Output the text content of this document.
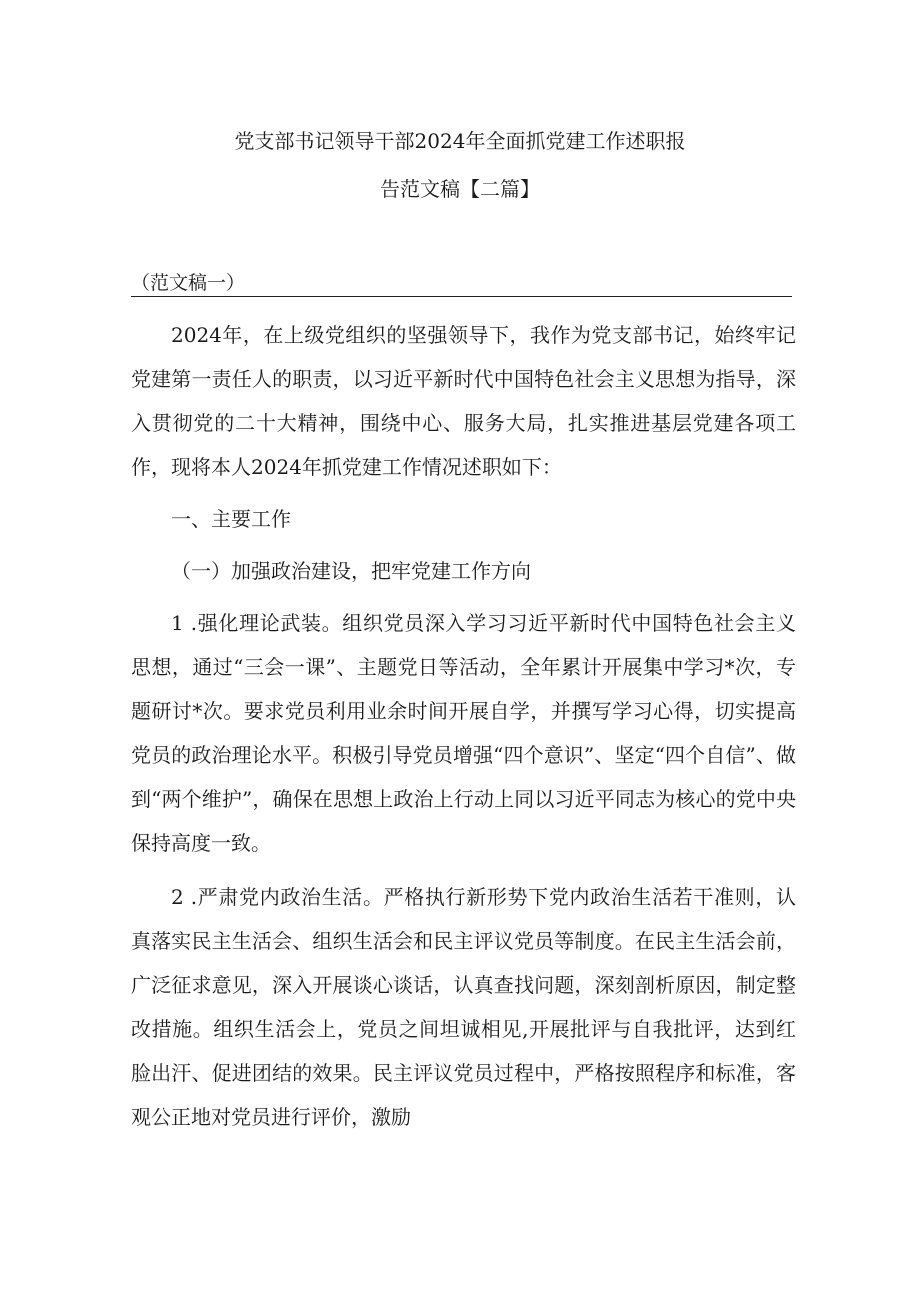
党支部书记领导干部2024年全面抓党建工作述职报
告范文稿【二篇】
（范文稿一）

2024年，在上级党组织的坚强领导下，我作为党支部书记，始终牢记党建第一责任人的职责，以习近平新时代中国特色社会主义思想为指导，深入贯彻党的二十大精神，围绕中心、服务大局，扎实推进基层党建各项工作，现将本人2024年抓党建工作情况述职如下：

一、主要工作

（一）加强政治建设，把牢党建工作方向

1 .强化理论武装。组织党员深入学习习近平新时代中国特色社会主义思想，通过“三会一课”、主题党日等活动，全年累计开展集中学习*次，专题研讨*次。要求党员利用业余时间开展自学，并撰写学习心得，切实提高党员的政治理论水平。积极引导党员增强“四个意识”、坚定“四个自信”、做到“两个维护”，确保在思想上政治上行动上同以习近平同志为核心的党中央保持高度一致。

2 .严肃党内政治生活。严格执行新形势下党内政治生活若干准则，认真落实民主生活会、组织生活会和民主评议党员等制度。在民主生活会前，广泛征求意见，深入开展谈心谈话，认真查找问题，深刻剖析原因，制定整改措施。组织生活会上，党员之间坦诚相见,开展批评与自我批评，达到红脸出汗、促进团结的效果。民主评议党员过程中，严格按照程序和标准，客观公正地对党员进行评价，激励
